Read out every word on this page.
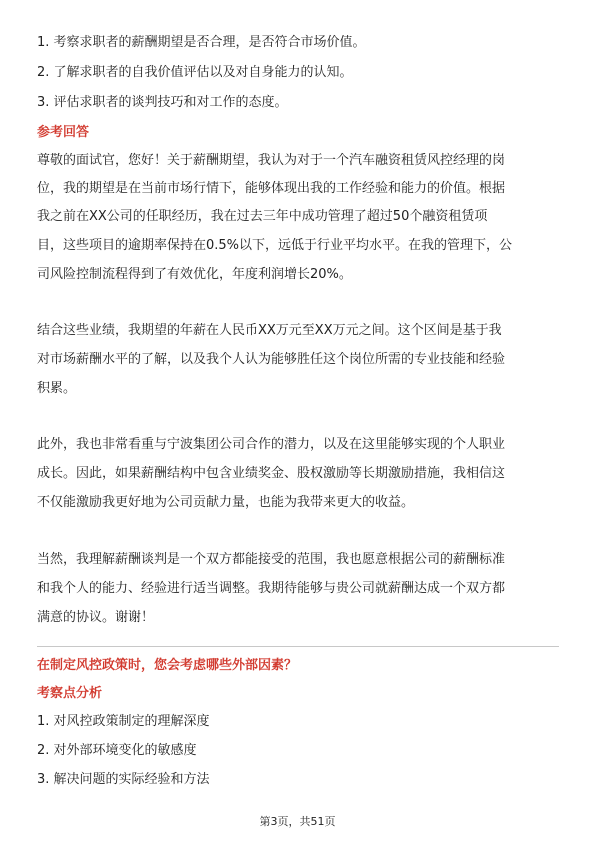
1. 考察求职者的薪酬期望是否合理，是否符合市场价值。
2. 了解求职者的自我价值评估以及对自身能力的认知。
3. 评估求职者的谈判技巧和对工作的态度。
参考回答
尊敬的面试官，您好！关于薪酬期望，我认为对于一个汽车融资租赁风控经理的岗
位，我的期望是在当前市场行情下，能够体现出我的工作经验和能力的价值。根据
我之前在XX公司的任职经历，我在过去三年中成功管理了超过50个融资租赁项
目，这些项目的逾期率保持在0.5%以下，远低于行业平均水平。在我的管理下，公
司风险控制流程得到了有效优化，年度利润增长20%。
结合这些业绩，我期望的年薪在人民币XX万元至XX万元之间。这个区间是基于我
对市场薪酬水平的了解，以及我个人认为能够胜任这个岗位所需的专业技能和经验
积累。
此外，我也非常看重与宁波集团公司合作的潜力，以及在这里能够实现的个人职业
成长。因此，如果薪酬结构中包含业绩奖金、股权激励等长期激励措施，我相信这
不仅能激励我更好地为公司贡献力量，也能为我带来更大的收益。
当然，我理解薪酬谈判是一个双方都能接受的范围，我也愿意根据公司的薪酬标准
和我个人的能力、经验进行适当调整。我期待能够与贵公司就薪酬达成一个双方都
满意的协议。谢谢！
在制定风控政策时，您会考虑哪些外部因素？
考察点分析
1. 对风控政策制定的理解深度
2. 对外部环境变化的敏感度
3. 解决问题的实际经验和方法
第3页，共51页
